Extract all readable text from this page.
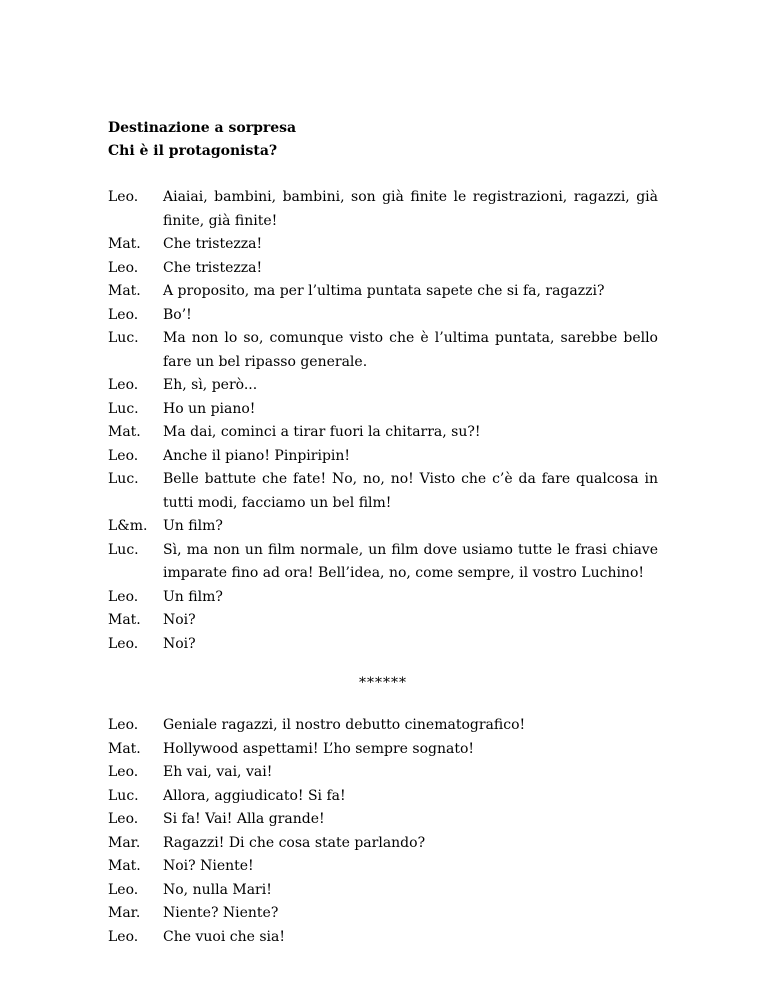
Destinazione a sorpresa
Chi è il protagonista?
Leo.	Aiaiai, bambini, bambini, son già finite le registrazioni, ragazzi, già finite, già finite!
Mat.	Che tristezza!
Leo.	Che tristezza!
Mat.	A proposito, ma per l’ultima puntata sapete che si fa, ragazzi?
Leo.	Bo’!
Luc.	Ma non lo so, comunque visto che è l’ultima puntata, sarebbe bello fare un bel ripasso generale.
Leo.	Eh, sì, però...
Luc.	Ho un piano!
Mat.	Ma dai, cominci a tirar fuori la chitarra, su?!
Leo.	Anche il piano! Pinpiripin!
Luc.	Belle battute che fate! No, no, no! Visto che c’è da fare qualcosa in tutti modi, facciamo un bel film!
L&m.	Un film?
Luc.	Sì, ma non un film normale, un film dove usiamo tutte le frasi chiave imparate fino ad ora! Bell’idea, no, come sempre, il vostro Luchino!
Leo.	Un film?
Mat.	Noi?
Leo.	Noi?
******
Leo.	Geniale ragazzi, il nostro debutto cinematografico!
Mat.	Hollywood aspettami! L’ho sempre sognato!
Leo.	Eh vai, vai, vai!
Luc.	Allora, aggiudicato! Si fa!
Leo.	Si fa! Vai! Alla grande!
Mar.	Ragazzi! Di che cosa state parlando?
Mat.	Noi? Niente!
Leo.	No, nulla Mari!
Mar.	Niente? Niente?
Leo.	Che vuoi che sia!
